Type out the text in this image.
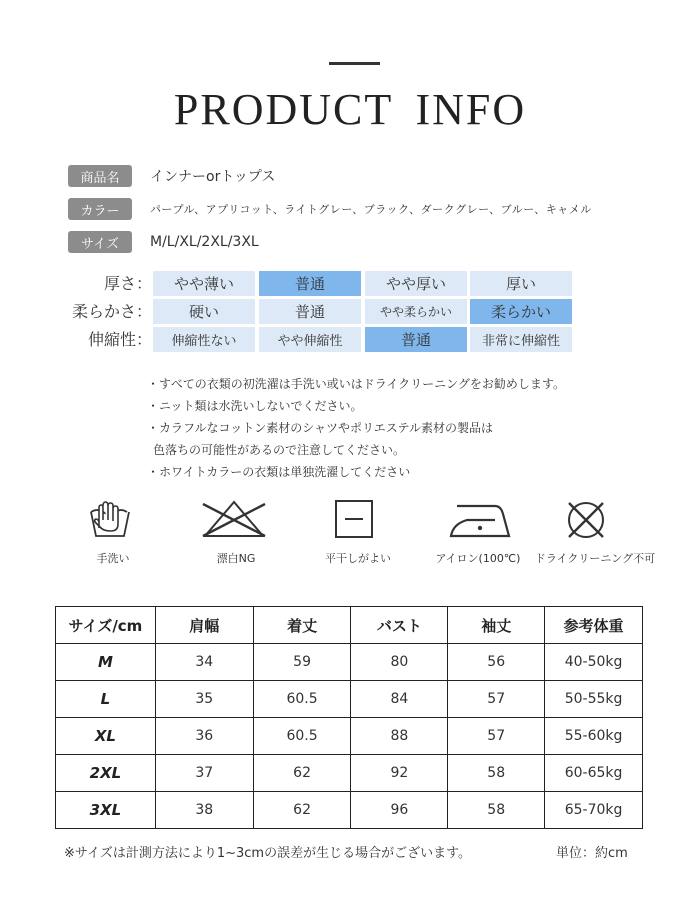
PRODUCT INFO
商品名	インナーorトップス
カラー	パープル、アプリコット、ライトグレー、ブラック、ダークグレー、ブルー、キャメル
サイズ	M/L/XL/2XL/3XL
厚さ：	やや薄い	普通	やや厚い	厚い
柔らかさ：	硬い	普通	やや柔らかい	柔らかい
伸縮性：	伸縮性ない	やや伸縮性	普通	非常に伸縮性
・すべての衣類の初洗濯は手洗い或いはドライクリーニングをお勧めします。
・ニット類は水洗いしないでください。
・カラフルなコットン素材のシャツやポリエステル素材の製品は
色落ちの可能性があるので注意してください。
・ホワイトカラーの衣類は単独洗濯してください
手洗い	漂白NG	平干しがよい	アイロン(100℃)	ドライクリーニング不可
サイズ/cm	肩幅	着丈	バスト	袖丈	参考体重
M	34	59	80	56	40-50kg
L	35	60.5	84	57	50-55kg
XL	36	60.5	88	57	55-60kg
2XL	37	62	92	58	60-65kg
3XL	38	62	96	58	65-70kg
※サイズは計測方法により1~3cmの誤差が生じる場合がございます。	単位：約cm
